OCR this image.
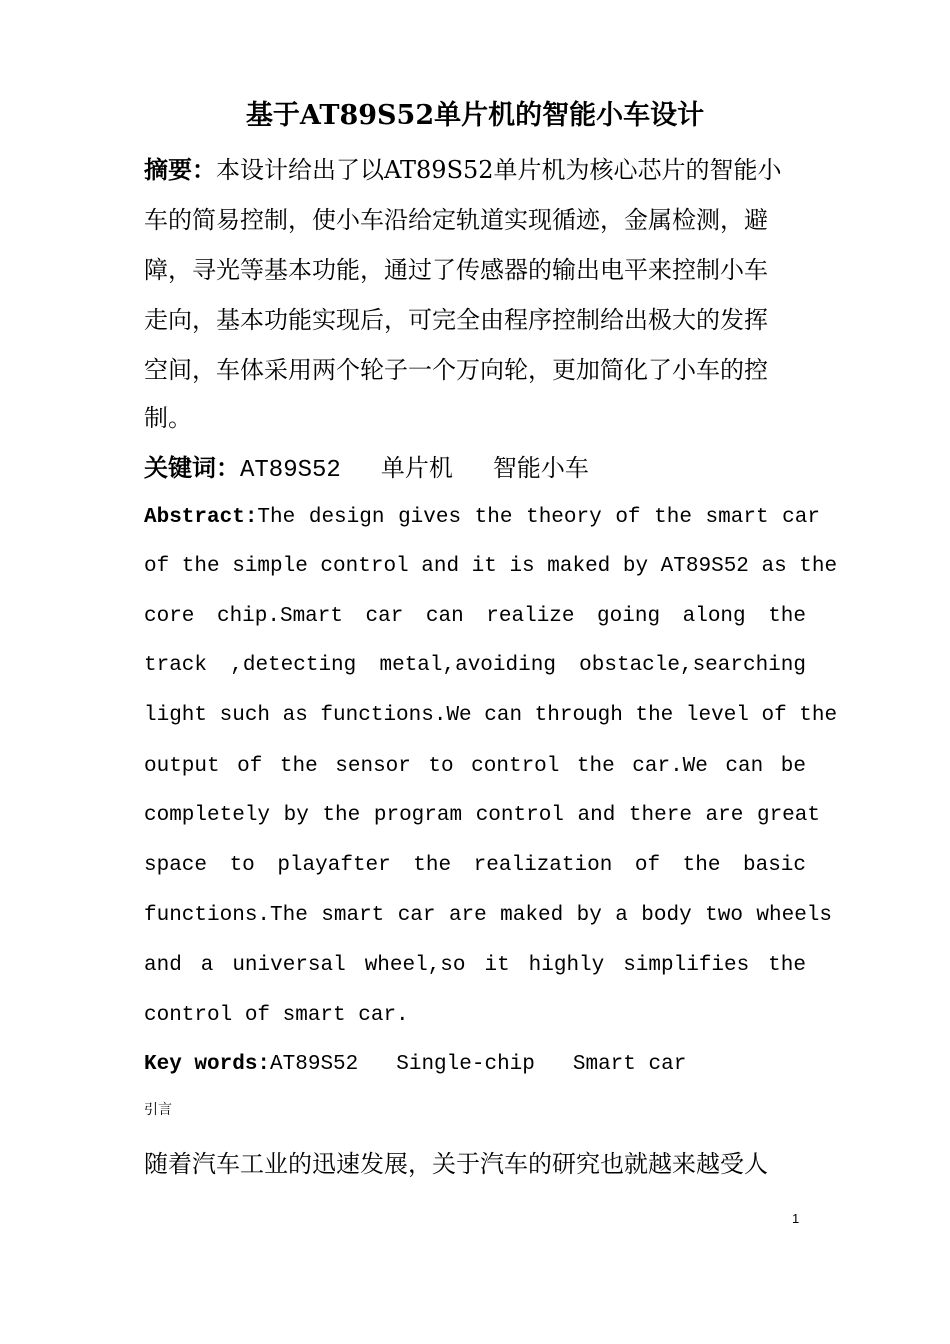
基于AT89S52单片机的智能小车设计
摘要：本设计给出了以AT89S52单片机为核心芯片的智能小
车的简易控制，使小车沿给定轨道实现循迹，金属检测，避
障，寻光等基本功能，通过了传感器的输出电平来控制小车
走向，基本功能实现后，可完全由程序控制给出极大的发挥
空间，车体采用两个轮子一个万向轮，更加简化了小车的控
制。
关键词：AT89S52 单片机 智能小车
Abstract:The design gives the theory of the smart car
of the simple control and it is maked by AT89S52 as the
core chip.Smart car can realize going along the
track ,detecting metal,avoiding obstacle,searching
light such as functions.We can through the level of the
output of the sensor to control the car.We can be
completely by the program control and there are great
space to playafter the realization of the basic
functions.The smart car are maked by a body two wheels
and a universal wheel,so it highly simplifies the
control of smart car.
Key words:AT89S52 Single-chip Smart car
引言
随着汽车工业的迅速发展，关于汽车的研究也就越来越受人
1
